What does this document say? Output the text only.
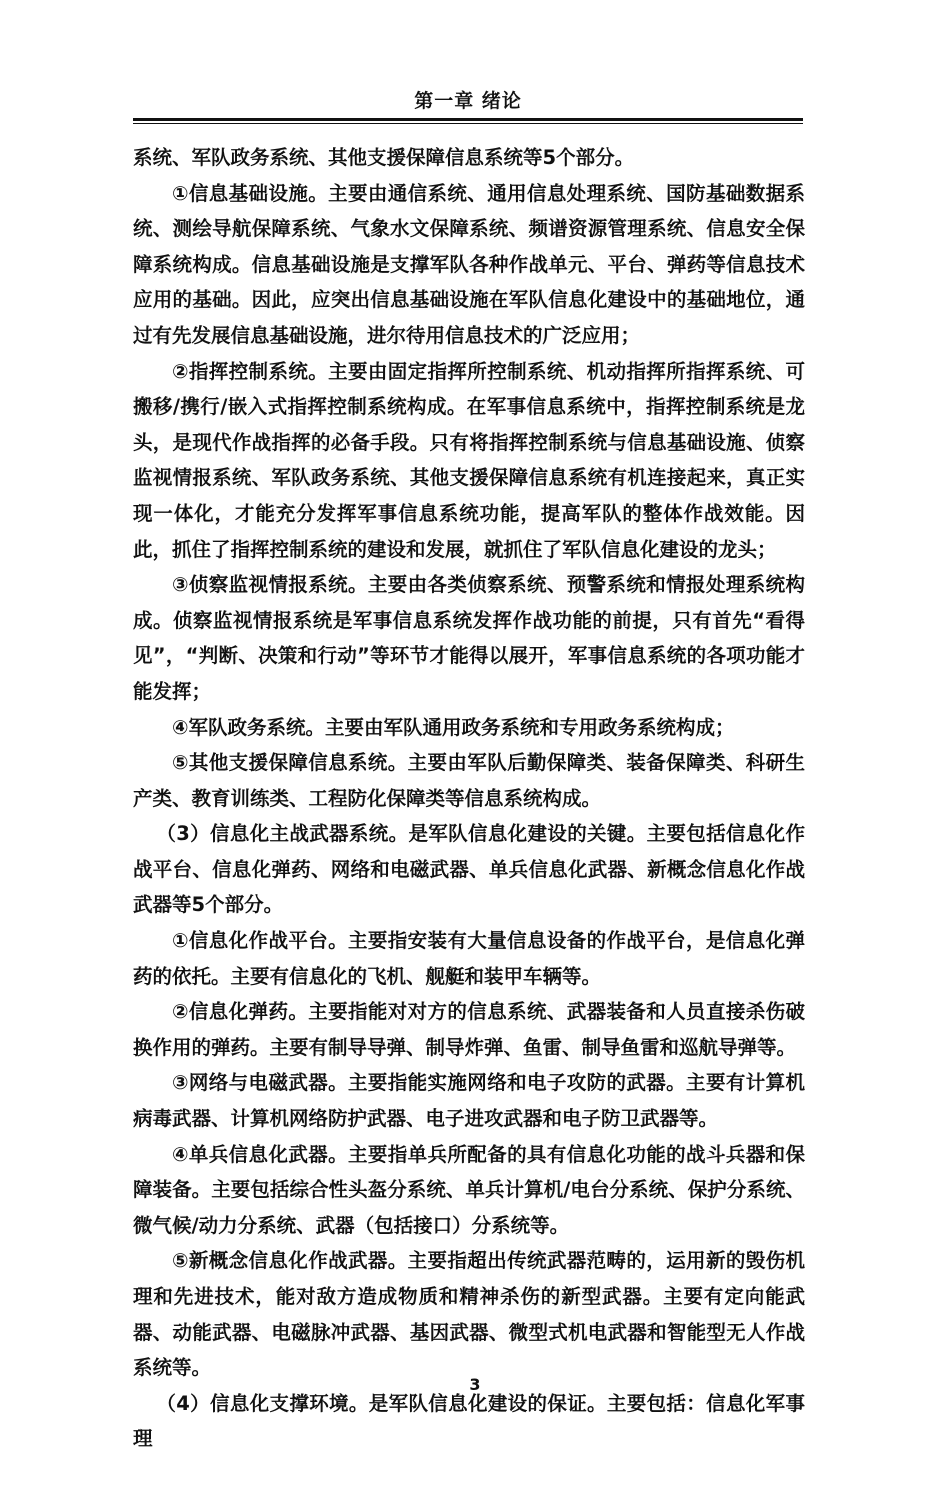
第一章 绪论

系统、军队政务系统、其他支援保障信息系统等5个部分。

①信息基础设施。主要由通信系统、通用信息处理系统、国防基础数据系统、测绘导航保障系统、气象水文保障系统、频谱资源管理系统、信息安全保障系统构成。信息基础设施是支撑军队各种作战单元、平台、弹药等信息技术应用的基础。因此，应突出信息基础设施在军队信息化建设中的基础地位，通过有先发展信息基础设施，进尔待用信息技术的广泛应用；

②指挥控制系统。主要由固定指挥所控制系统、机动指挥所指挥系统、可搬移/携行/嵌入式指挥控制系统构成。在军事信息系统中，指挥控制系统是龙头，是现代作战指挥的必备手段。只有将指挥控制系统与信息基础设施、侦察监视情报系统、军队政务系统、其他支援保障信息系统有机连接起来，真正实现一体化，才能充分发挥军事信息系统功能，提高军队的整体作战效能。因此，抓住了指挥控制系统的建设和发展，就抓住了军队信息化建设的龙头；

③侦察监视情报系统。主要由各类侦察系统、预警系统和情报处理系统构成。侦察监视情报系统是军事信息系统发挥作战功能的前提，只有首先“看得见”，“判断、决策和行动”等环节才能得以展开，军事信息系统的各项功能才能发挥；

④军队政务系统。主要由军队通用政务系统和专用政务系统构成；

⑤其他支援保障信息系统。主要由军队后勤保障类、装备保障类、科研生产类、教育训练类、工程防化保障类等信息系统构成。

（3）信息化主战武器系统。是军队信息化建设的关键。主要包括信息化作战平台、信息化弹药、网络和电磁武器、单兵信息化武器、新概念信息化作战武器等5个部分。

①信息化作战平台。主要指安装有大量信息设备的作战平台，是信息化弹药的依托。主要有信息化的飞机、舰艇和装甲车辆等。

②信息化弹药。主要指能对对方的信息系统、武器装备和人员直接杀伤破换作用的弹药。主要有制导导弹、制导炸弹、鱼雷、制导鱼雷和巡航导弹等。

③网络与电磁武器。主要指能实施网络和电子攻防的武器。主要有计算机病毒武器、计算机网络防护武器、电子进攻武器和电子防卫武器等。

④单兵信息化武器。主要指单兵所配备的具有信息化功能的战斗兵器和保障装备。主要包括综合性头盔分系统、单兵计算机/电台分系统、保护分系统、微气候/动力分系统、武器（包括接口）分系统等。

⑤新概念信息化作战武器。主要指超出传统武器范畴的，运用新的毁伤机理和先进技术，能对敌方造成物质和精神杀伤的新型武器。主要有定向能武器、动能武器、电磁脉冲武器、基因武器、微型式机电武器和智能型无人作战系统等。

（4）信息化支撑环境。是军队信息化建设的保证。主要包括：信息化军事理

3
